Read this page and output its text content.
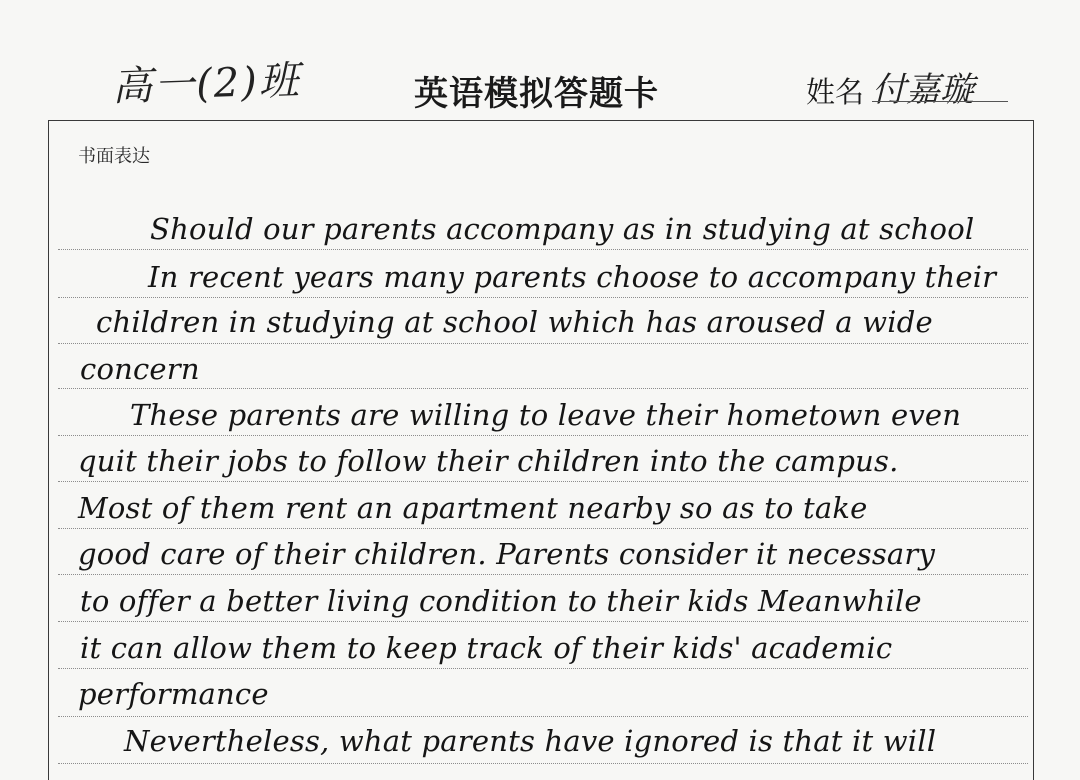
高一(2)班	英语模拟答题卡	姓名 付嘉璇
书面表达
Should our parents accompany as in studying at school
In recent years many parents choose to accompany their
children in studying at school which has aroused a wide
concern
These parents are willing to leave their hometown even
quit their jobs to follow their children into the campus.
Most of them rent an apartment nearby so as to take
good care of their children. Parents consider it necessary
to offer a better living condition to their kids Meanwhile
it can allow them to keep track of their kids' academic
performance
Nevertheless, what parents have ignored is that it will
